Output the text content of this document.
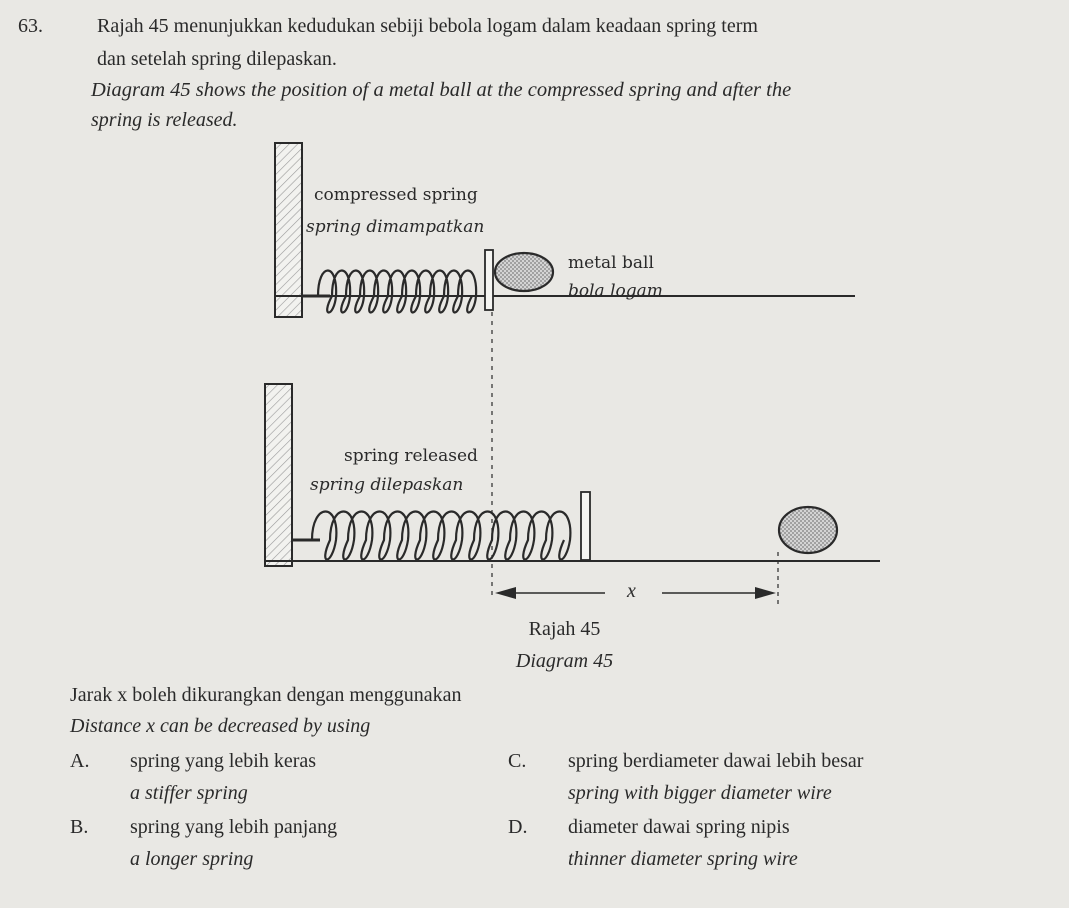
63.	Rajah 45 menunjukkan kedudukan sebiji bebola logam dalam keadaan spring term
dan setelah spring dilepaskan.
Diagram 45 shows the position of a metal ball at the compressed spring and after the
spring is released.
compressed spring
spring dimampatkan
metal ball
bola logam
spring released
spring dilepaskan
x
Rajah 45
Diagram 45
Jarak x boleh dikurangkan dengan menggunakan
Distance x can be decreased by using
A. spring yang lebih keras
a stiffer spring
B. spring yang lebih panjang
a longer spring
C. spring berdiameter dawai lebih besar
spring with bigger diameter wire
D. diameter dawai spring nipis
thinner diameter spring wire
